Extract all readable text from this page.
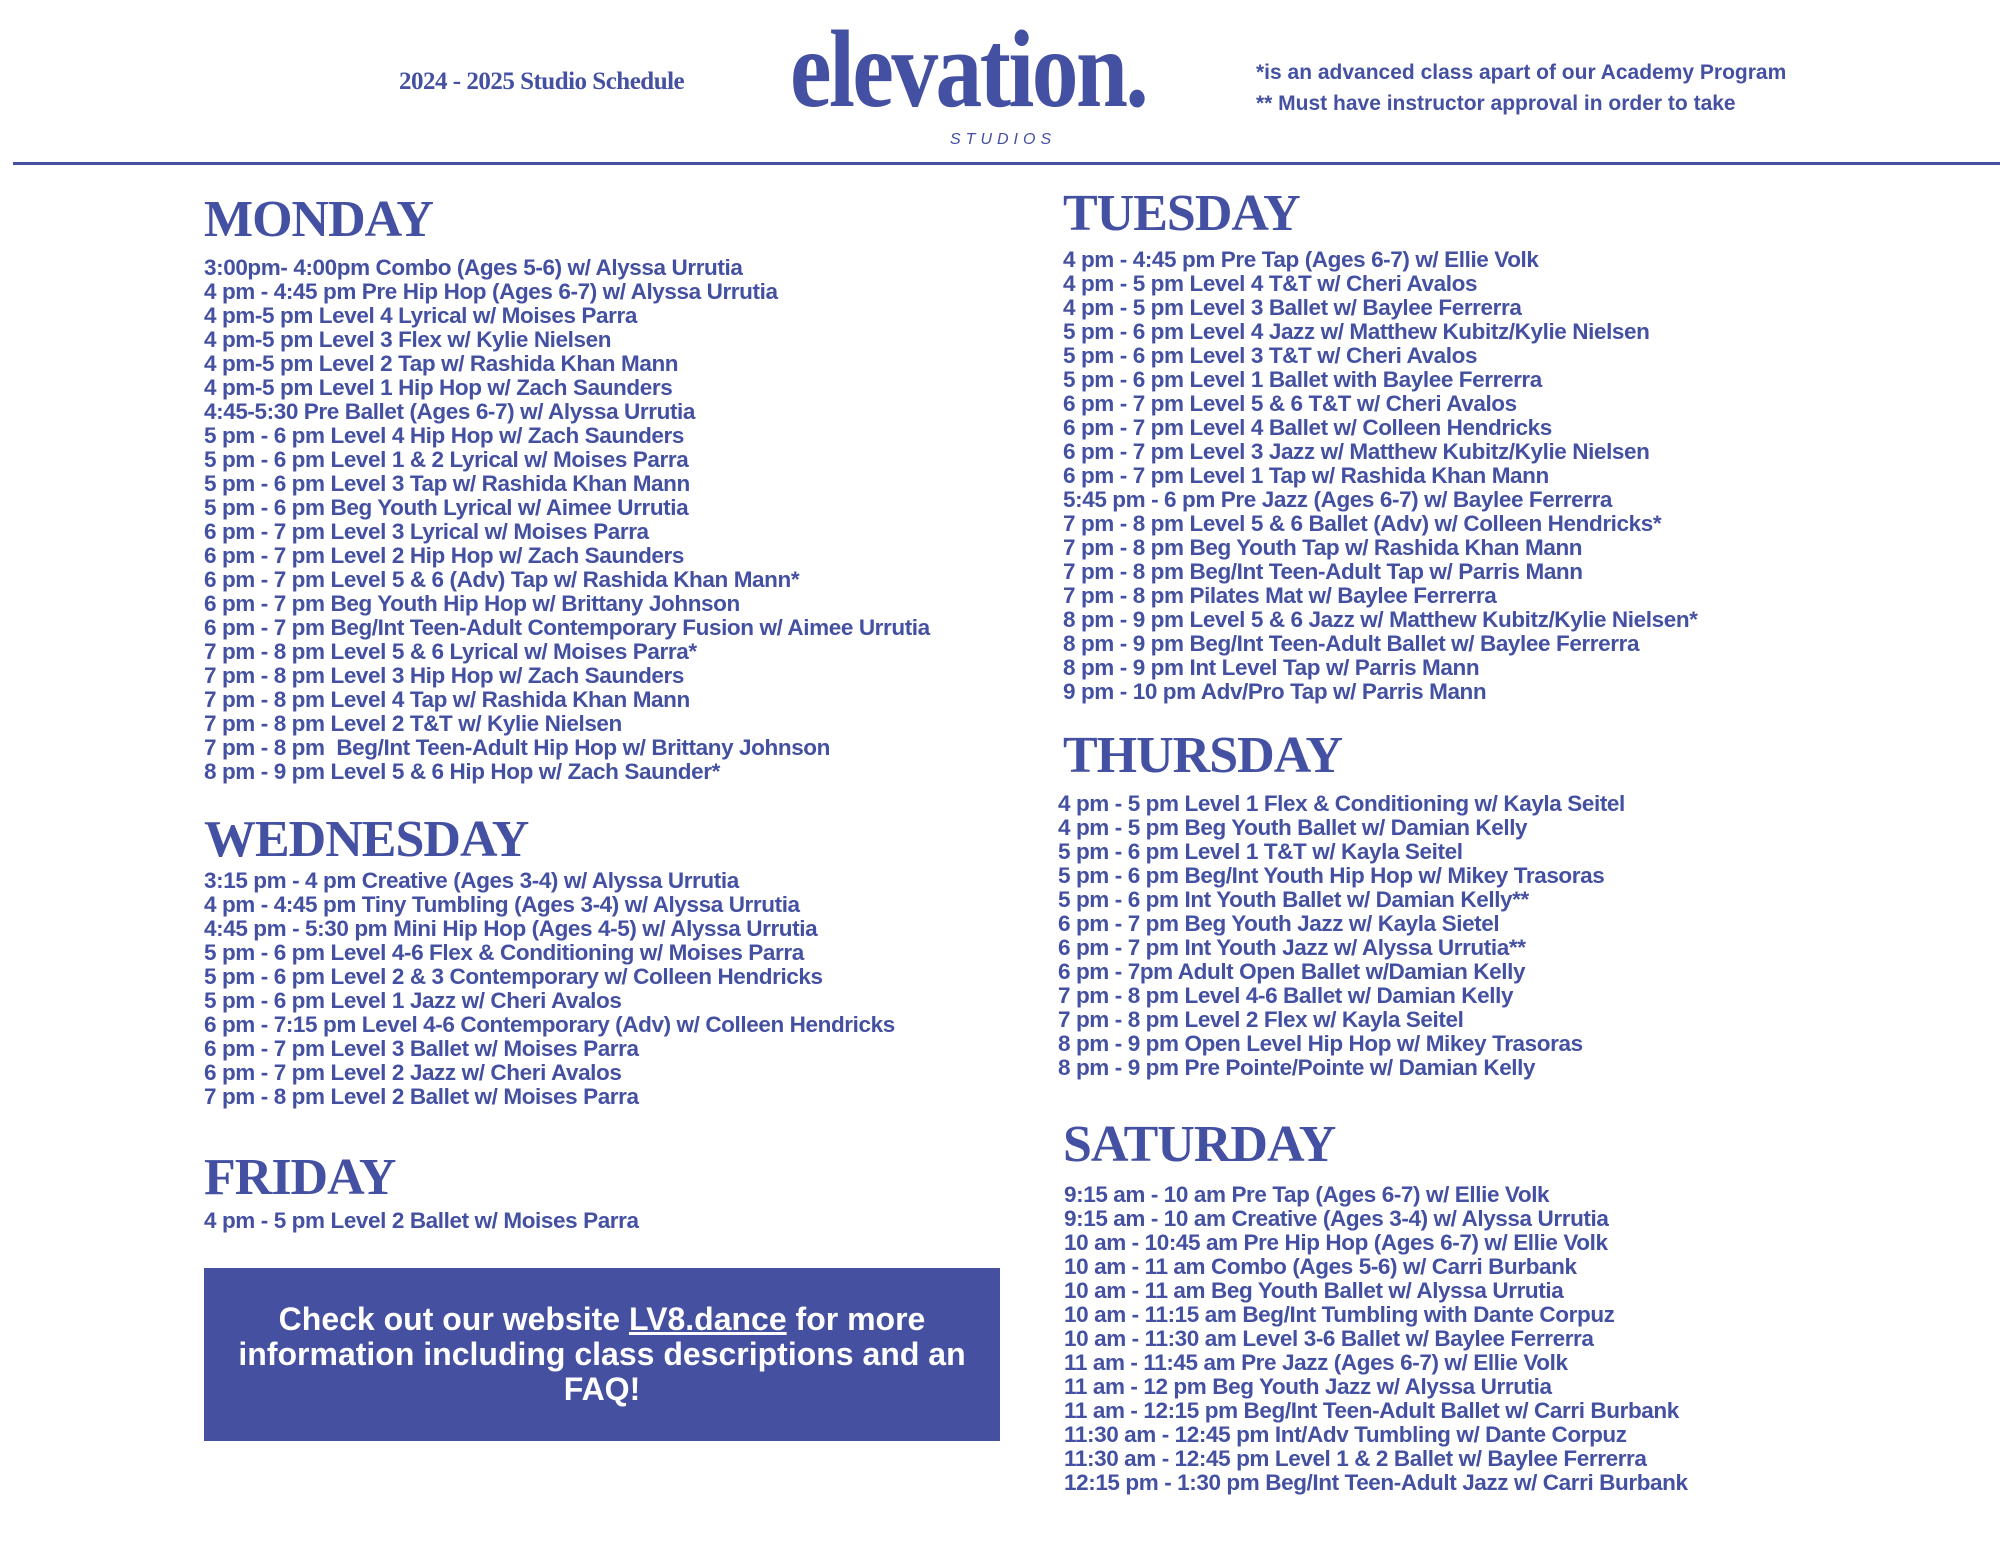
2024 - 2025 Studio Schedule elevation.
STUDIOS
*is an advanced class apart of our Academy Program
** Must have instructor approval in order to take
MONDAY
3:00pm- 4:00pm Combo (Ages 5-6) w/ Alyssa Urrutia
4 pm - 4:45 pm Pre Hip Hop (Ages 6-7) w/ Alyssa Urrutia
4 pm-5 pm Level 4 Lyrical w/ Moises Parra
4 pm-5 pm Level 3 Flex w/ Kylie Nielsen
4 pm-5 pm Level 2 Tap w/ Rashida Khan Mann
4 pm-5 pm Level 1 Hip Hop w/ Zach Saunders
4:45-5:30 Pre Ballet (Ages 6-7) w/ Alyssa Urrutia
5 pm - 6 pm Level 4 Hip Hop w/ Zach Saunders
5 pm - 6 pm Level 1 & 2 Lyrical w/ Moises Parra
5 pm - 6 pm Level 3 Tap w/ Rashida Khan Mann
5 pm - 6 pm Beg Youth Lyrical w/ Aimee Urrutia
6 pm - 7 pm Level 3 Lyrical w/ Moises Parra
6 pm - 7 pm Level 2 Hip Hop w/ Zach Saunders
6 pm - 7 pm Level 5 & 6 (Adv) Tap w/ Rashida Khan Mann*
6 pm - 7 pm Beg Youth Hip Hop w/ Brittany Johnson
6 pm - 7 pm Beg/Int Teen-Adult Contemporary Fusion w/ Aimee Urrutia
7 pm - 8 pm Level 5 & 6 Lyrical w/ Moises Parra*
7 pm - 8 pm Level 3 Hip Hop w/ Zach Saunders
7 pm - 8 pm Level 4 Tap w/ Rashida Khan Mann
7 pm - 8 pm Level 2 T&T w/ Kylie Nielsen
7 pm - 8 pm  Beg/Int Teen-Adult Hip Hop w/ Brittany Johnson
8 pm - 9 pm Level 5 & 6 Hip Hop w/ Zach Saunder*
WEDNESDAY
3:15 pm - 4 pm Creative (Ages 3-4) w/ Alyssa Urrutia
4 pm - 4:45 pm Tiny Tumbling (Ages 3-4) w/ Alyssa Urrutia
4:45 pm - 5:30 pm Mini Hip Hop (Ages 4-5) w/ Alyssa Urrutia
5 pm - 6 pm Level 4-6 Flex & Conditioning w/ Moises Parra
5 pm - 6 pm Level 2 & 3 Contemporary w/ Colleen Hendricks
5 pm - 6 pm Level 1 Jazz w/ Cheri Avalos
6 pm - 7:15 pm Level 4-6 Contemporary (Adv) w/ Colleen Hendricks
6 pm - 7 pm Level 3 Ballet w/ Moises Parra
6 pm - 7 pm Level 2 Jazz w/ Cheri Avalos
7 pm - 8 pm Level 2 Ballet w/ Moises Parra
FRIDAY
4 pm - 5 pm Level 2 Ballet w/ Moises Parra
TUESDAY
4 pm - 4:45 pm Pre Tap (Ages 6-7) w/ Ellie Volk
4 pm - 5 pm Level 4 T&T w/ Cheri Avalos
4 pm - 5 pm Level 3 Ballet w/ Baylee Ferrerra
5 pm - 6 pm Level 4 Jazz w/ Matthew Kubitz/Kylie Nielsen
5 pm - 6 pm Level 3 T&T w/ Cheri Avalos
5 pm - 6 pm Level 1 Ballet with Baylee Ferrerra
6 pm - 7 pm Level 5 & 6 T&T w/ Cheri Avalos
6 pm - 7 pm Level 4 Ballet w/ Colleen Hendricks
6 pm - 7 pm Level 3 Jazz w/ Matthew Kubitz/Kylie Nielsen
6 pm - 7 pm Level 1 Tap w/ Rashida Khan Mann
5:45 pm - 6 pm Pre Jazz (Ages 6-7) w/ Baylee Ferrerra
7 pm - 8 pm Level 5 & 6 Ballet (Adv) w/ Colleen Hendricks*
7 pm - 8 pm Beg Youth Tap w/ Rashida Khan Mann
7 pm - 8 pm Beg/Int Teen-Adult Tap w/ Parris Mann
7 pm - 8 pm Pilates Mat w/ Baylee Ferrerra
8 pm - 9 pm Level 5 & 6 Jazz w/ Matthew Kubitz/Kylie Nielsen*
8 pm - 9 pm Beg/Int Teen-Adult Ballet w/ Baylee Ferrerra
8 pm - 9 pm Int Level Tap w/ Parris Mann
9 pm - 10 pm Adv/Pro Tap w/ Parris Mann
THURSDAY
4 pm - 5 pm Level 1 Flex & Conditioning w/ Kayla Seitel
4 pm - 5 pm Beg Youth Ballet w/ Damian Kelly
5 pm - 6 pm Level 1 T&T w/ Kayla Seitel
5 pm - 6 pm Beg/Int Youth Hip Hop w/ Mikey Trasoras
5 pm - 6 pm Int Youth Ballet w/ Damian Kelly**
6 pm - 7 pm Beg Youth Jazz w/ Kayla Sietel
6 pm - 7 pm Int Youth Jazz w/ Alyssa Urrutia**
6 pm - 7pm Adult Open Ballet w/Damian Kelly
7 pm - 8 pm Level 4-6 Ballet w/ Damian Kelly
7 pm - 8 pm Level 2 Flex w/ Kayla Seitel
8 pm - 9 pm Open Level Hip Hop w/ Mikey Trasoras
8 pm - 9 pm Pre Pointe/Pointe w/ Damian Kelly
SATURDAY
9:15 am - 10 am Pre Tap (Ages 6-7) w/ Ellie Volk
9:15 am - 10 am Creative (Ages 3-4) w/ Alyssa Urrutia
10 am - 10:45 am Pre Hip Hop (Ages 6-7) w/ Ellie Volk
10 am - 11 am Combo (Ages 5-6) w/ Carri Burbank
10 am - 11 am Beg Youth Ballet w/ Alyssa Urrutia
10 am - 11:15 am Beg/Int Tumbling with Dante Corpuz
10 am - 11:30 am Level 3-6 Ballet w/ Baylee Ferrerra
11 am - 11:45 am Pre Jazz (Ages 6-7) w/ Ellie Volk
11 am - 12 pm Beg Youth Jazz w/ Alyssa Urrutia
11 am - 12:15 pm Beg/Int Teen-Adult Ballet w/ Carri Burbank
11:30 am - 12:45 pm Int/Adv Tumbling w/ Dante Corpuz
11:30 am - 12:45 pm Level 1 & 2 Ballet w/ Baylee Ferrerra
12:15 pm - 1:30 pm Beg/Int Teen-Adult Jazz w/ Carri Burbank
Check out our website LV8.dance for more information including class descriptions and an FAQ!
